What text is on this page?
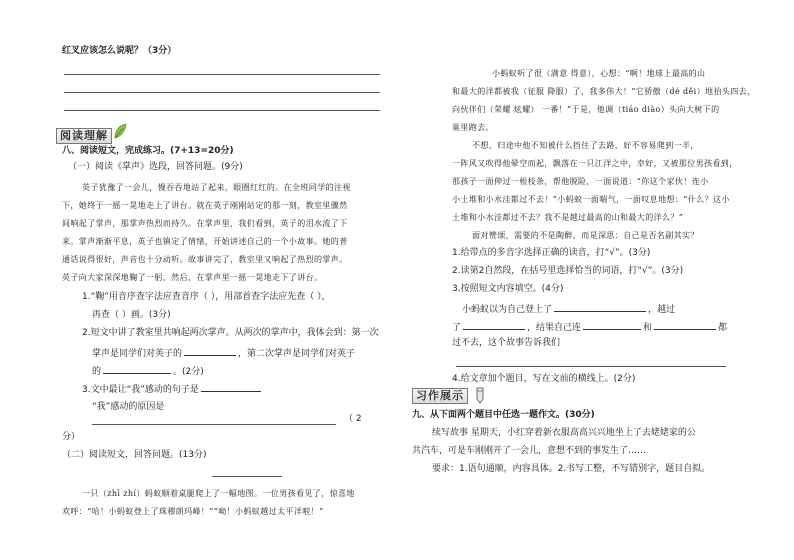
红叉应该怎么说呢？（3分）
阅读理解
八、阅读短文，完成练习。(7+13=20分)
（一）阅读《掌声》选段，回答问题。(9分)
英子犹豫了一会儿，慢吞吞地站了起来，眼圈红红的。在全班同学的注视
下，她终于一摇一晃地走上了讲台。就在英子刚刚站定的那一刻，教室里骤然
间响起了掌声，那掌声热烈而持久。在掌声里，我们看到，英子的泪水流了下
来。掌声渐渐平息，英子也镇定了情绪，开始讲述自己的一个小故事。她的普
通话说得很好，声音也十分动听。故事讲完了，教室里又响起了热烈的掌声。
英子向大家深深地鞠了一躬，然后，在掌声里一摇一晃地走下了讲台。
1.“鞠”用音序查字法应查音序（ ），用部首查字法应先查（ ），
再查（ ）画。(3分)
2.短文中讲了教室里共响起两次掌声。从两次的掌声中，我体会到：第一次
掌声是同学们对英子的	，第二次掌声是同学们对英子
的	。(2分)
3.文中最让“我”感动的句子是
“我”感动的原因是
（ 2
分）
（二）阅读短文，回答问题。(13分)
一只（zhī zhí）蚂蚁顺着桌腿爬上了一幅地图。一位男孩看见了，惊喜地
欢呼：“哈！小蚂蚁登上了珠穆朗玛峰！”“呦！小蚂蚁越过太平洋啦！”
小蚂蚁听了很（满意 得意），心想：“啊！地球上最高的山
和最大的洋都被我（征服 降服）了，我多伟大！”它骄傲（dé děi）地抬头四去，
向伙伴们（荣耀 炫耀） 一番！”于是，他调（tiáo diào）头向大树下的
巢里跑去。
不想，归途中他不知被什么挡住了去路，好不容易爬到一半，
一阵风又吹得他晕空而起，飘落在一只江洋之中，幸好，又被那位男孩看到，
那孩子一面伸过一根枝条，帮他脱险，一面说道：“你这个家伙！连小
小土堆和小水洼都过不去！”小蚂蚁一面喘气，一面叹息地想：“什么？这小
土堆和小水洼都过不去？我不是越过最高的山和最大的洋么？”
面对赞颂，需要的不是陶醉，而是深思：自己是否名副其实？
1.给带点的多音字选择正确的读音，打“√”。(3分)
2.读第2自然段，在括号里选择恰当的词语，打“√”。(3分)
3.按照短文内容填空。(4分)
小蚂蚁以为自己登上了	，越过
了	，结果自己连	和	都
过不去，这个故事告诉我们
4.给文章加个题目，写在文前的横线上。(2分)
习作展示
九、从下面两个题目中任选一题作文。(30分)
续写故事 星期天，小红穿着新衣服高高兴兴地坐上了去姥姥家的公
共汽车，可是车刚刚开了一会儿，意想不到的事发生了……
要求：1.语句通顺，内容具体。2.书写工整，不写错别字，题目自拟。
